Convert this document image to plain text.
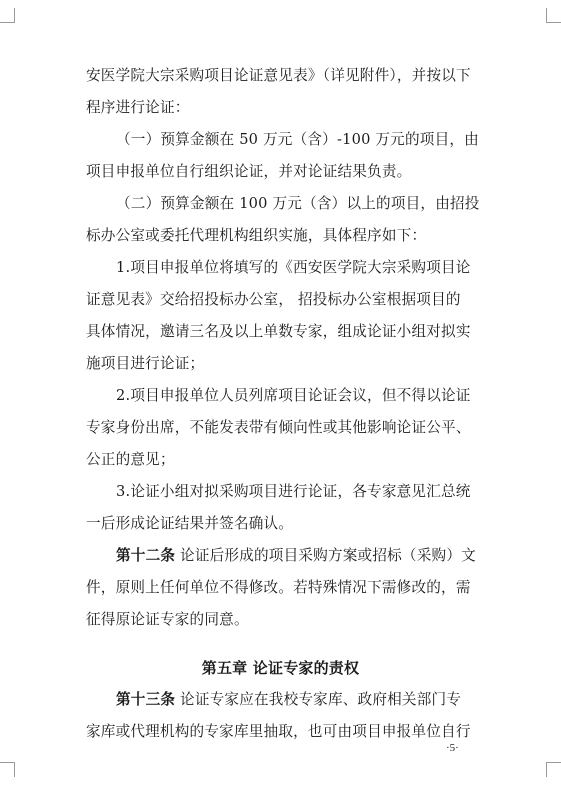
安医学院大宗采购项目论证意见表》（详见附件），并按以下
程序进行论证：
（一）预算金额在 50 万元（含）-100 万元的项目，由
项目申报单位自行组织论证，并对论证结果负责。
（二）预算金额在 100 万元（含）以上的项目，由招投
标办公室或委托代理机构组织实施，具体程序如下：
1.项目申报单位将填写的《西安医学院大宗采购项目论
证意见表》交给招投标办公室， 招投标办公室根据项目的
具体情况，邀请三名及以上单数专家，组成论证小组对拟实
施项目进行论证；
2.项目申报单位人员列席项目论证会议，但不得以论证
专家身份出席，不能发表带有倾向性或其他影响论证公平、
公正的意见；
3.论证小组对拟采购项目进行论证，各专家意见汇总统
一后形成论证结果并签名确认。
第十二条 论证后形成的项目采购方案或招标（采购）文
件，原则上任何单位不得修改。若特殊情况下需修改的，需
征得原论证专家的同意。
第五章 论证专家的责权
第十三条 论证专家应在我校专家库、政府相关部门专
家库或代理机构的专家库里抽取，也可由项目申报单位自行
·5·
